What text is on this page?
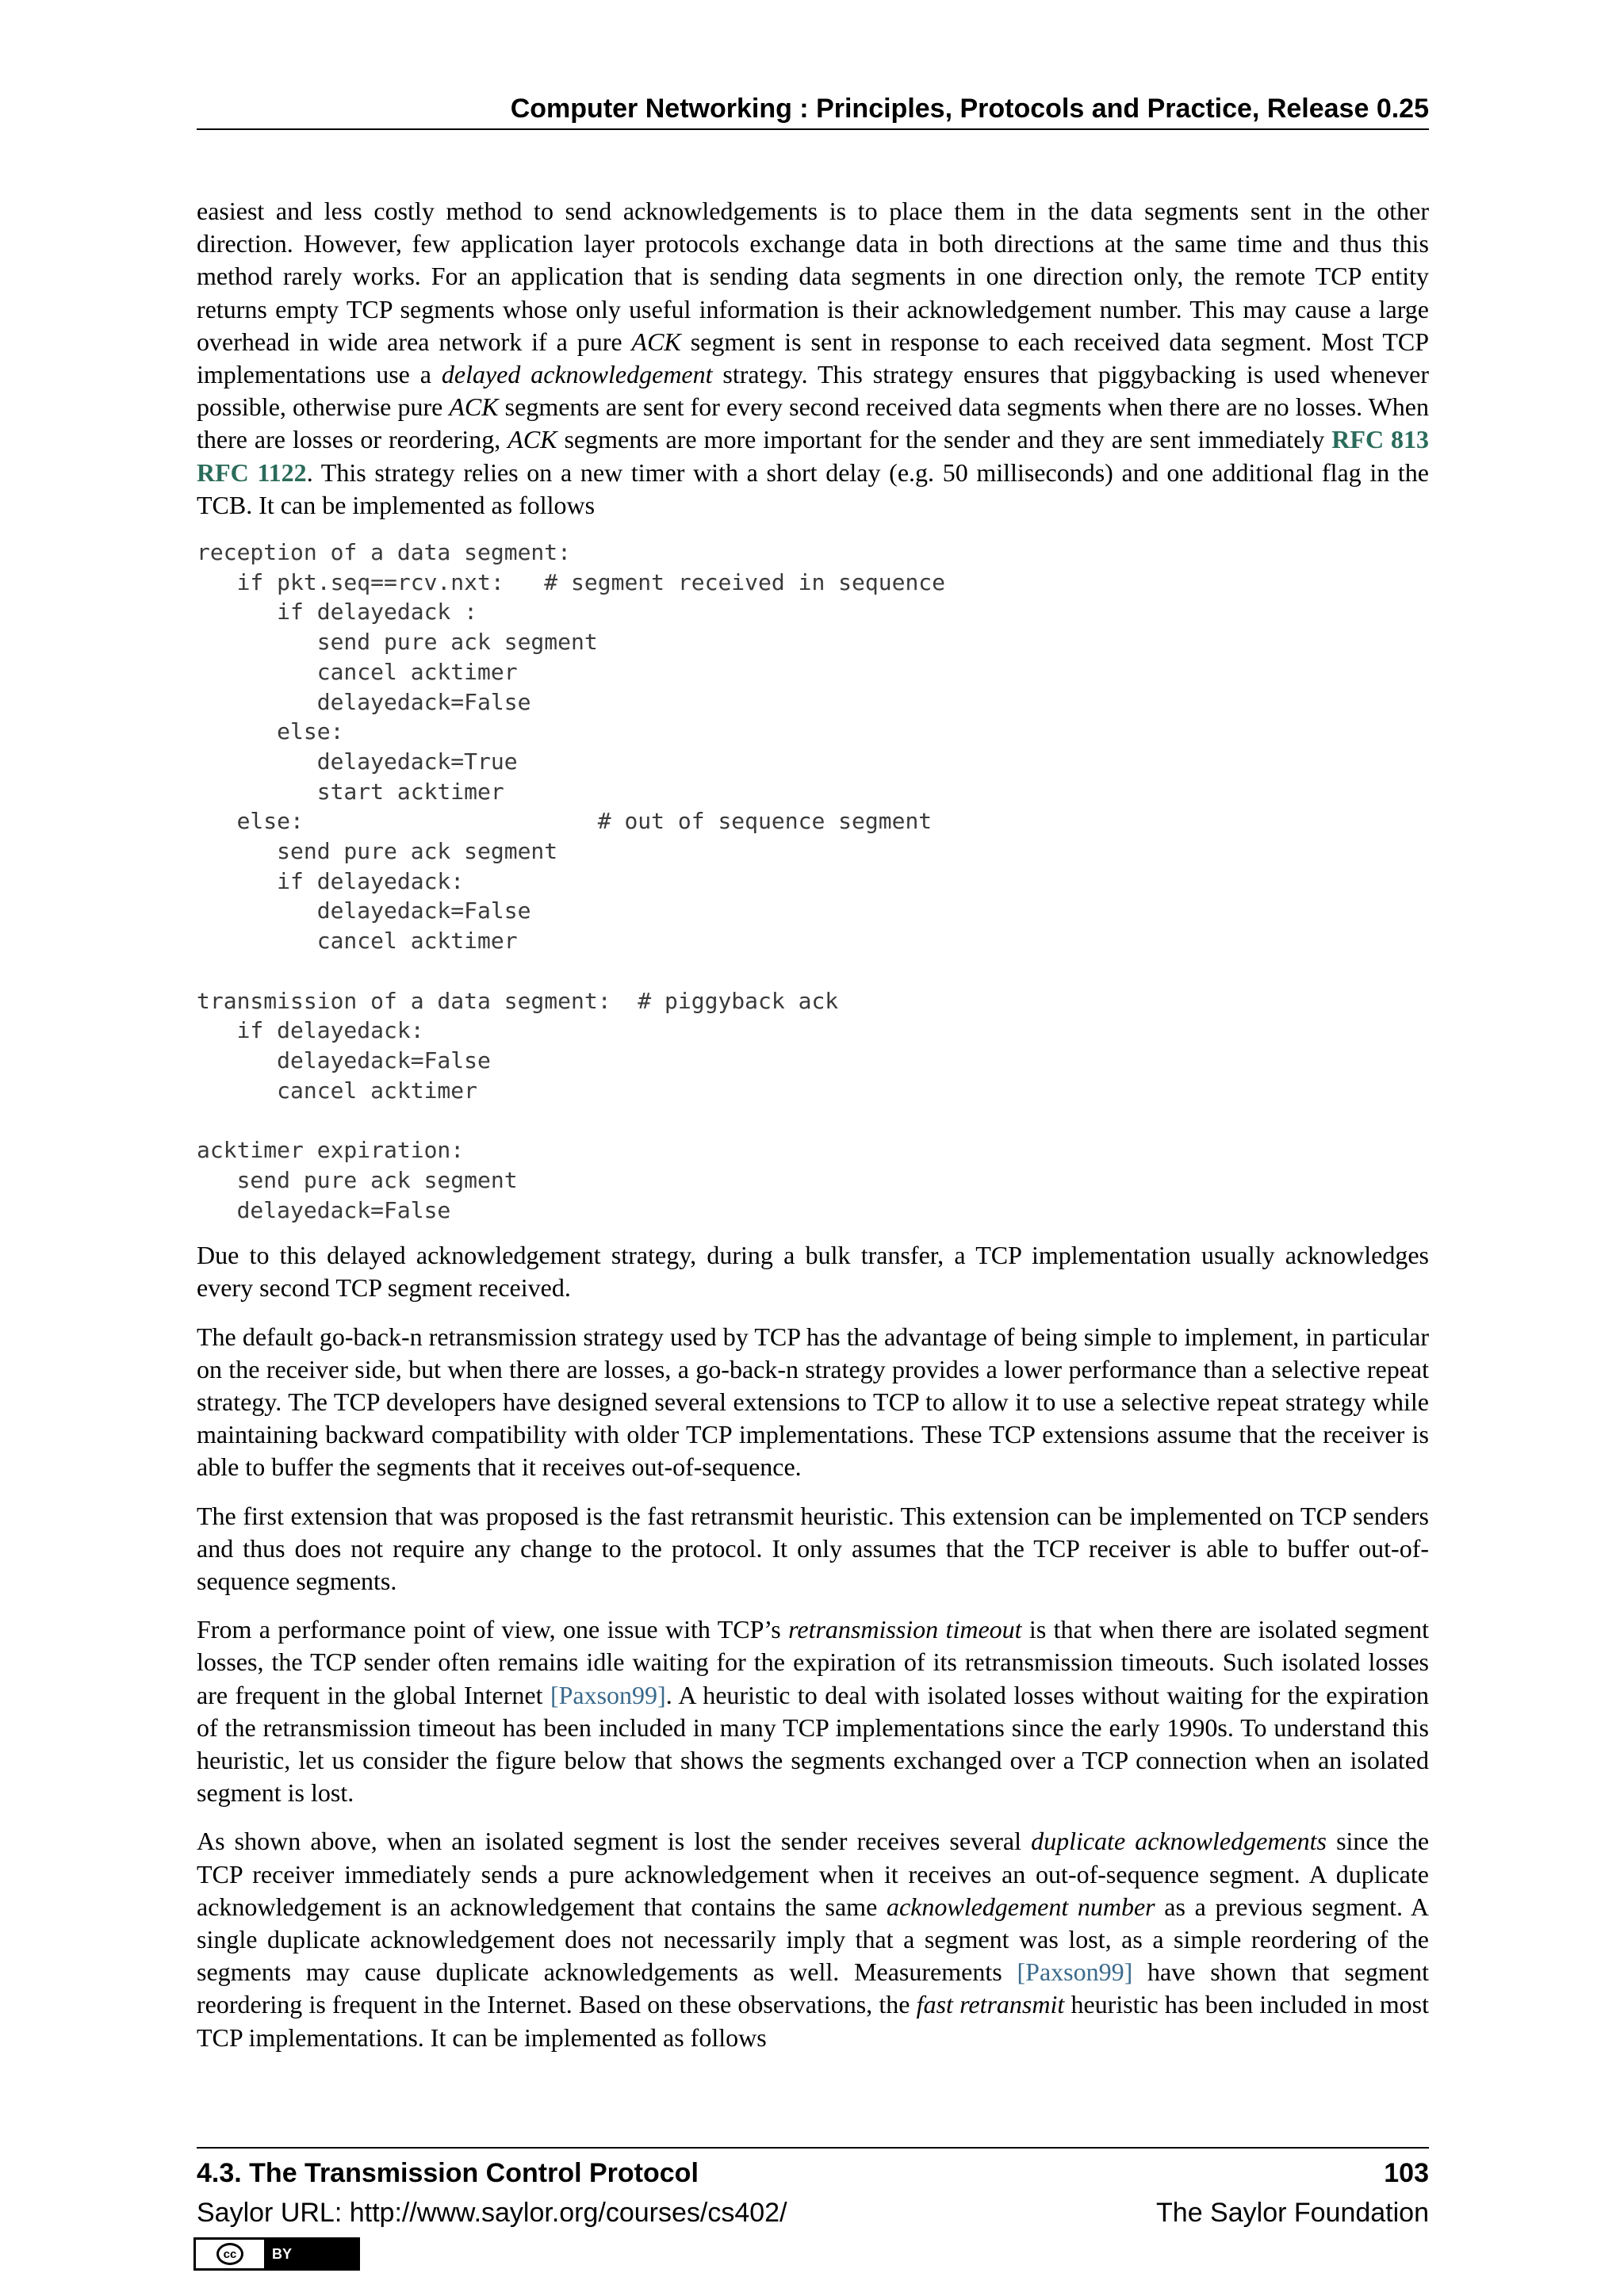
Computer Networking : Principles, Protocols and Practice, Release 0.25

easiest and less costly method to send acknowledgements is to place them in the data segments sent in the other direction. However, few application layer protocols exchange data in both directions at the same time and thus this method rarely works. For an application that is sending data segments in one direction only, the remote TCP entity returns empty TCP segments whose only useful information is their acknowledgement number. This may cause a large overhead in wide area network if a pure ACK segment is sent in response to each received data segment. Most TCP implementations use a delayed acknowledgement strategy. This strategy ensures that piggybacking is used whenever possible, otherwise pure ACK segments are sent for every second received data segments when there are no losses. When there are losses or reordering, ACK segments are more important for the sender and they are sent immediately RFC 813 RFC 1122. This strategy relies on a new timer with a short delay (e.g. 50 milliseconds) and one additional flag in the TCB. It can be implemented as follows

reception of a data segment:
if pkt.seq==rcv.nxt:   # segment received in sequence
if delayedack :
send pure ack segment
cancel acktimer
delayedack=False
else:
delayedack=True
start acktimer
else:                      # out of sequence segment
send pure ack segment
if delayedack:
delayedack=False
cancel acktimer

transmission of a data segment:  # piggyback ack
if delayedack:
delayedack=False
cancel acktimer

acktimer expiration:
send pure ack segment
delayedack=False

Due to this delayed acknowledgement strategy, during a bulk transfer, a TCP implementation usually acknowledges every second TCP segment received.

The default go-back-n retransmission strategy used by TCP has the advantage of being simple to implement, in particular on the receiver side, but when there are losses, a go-back-n strategy provides a lower performance than a selective repeat strategy. The TCP developers have designed several extensions to TCP to allow it to use a selective repeat strategy while maintaining backward compatibility with older TCP implementations. These TCP extensions assume that the receiver is able to buffer the segments that it receives out-of-sequence.

The first extension that was proposed is the fast retransmit heuristic. This extension can be implemented on TCP senders and thus does not require any change to the protocol. It only assumes that the TCP receiver is able to buffer out-of-sequence segments.

From a performance point of view, one issue with TCP’s retransmission timeout is that when there are isolated segment losses, the TCP sender often remains idle waiting for the expiration of its retransmission timeouts. Such isolated losses are frequent in the global Internet [Paxson99]. A heuristic to deal with isolated losses without waiting for the expiration of the retransmission timeout has been included in many TCP implementations since the early 1990s. To understand this heuristic, let us consider the figure below that shows the segments exchanged over a TCP connection when an isolated segment is lost.

As shown above, when an isolated segment is lost the sender receives several duplicate acknowledgements since the TCP receiver immediately sends a pure acknowledgement when it receives an out-of-sequence segment. A duplicate acknowledgement is an acknowledgement that contains the same acknowledgement number as a previous segment. A single duplicate acknowledgement does not necessarily imply that a segment was lost, as a simple reordering of the segments may cause duplicate acknowledgements as well. Measurements [Paxson99] have shown that segment reordering is frequent in the Internet. Based on these observations, the fast retransmit heuristic has been included in most TCP implementations. It can be implemented as follows

4.3. The Transmission Control Protocol	103
Saylor URL: http://www.saylor.org/courses/cs402/	The Saylor Foundation
cc	BY
